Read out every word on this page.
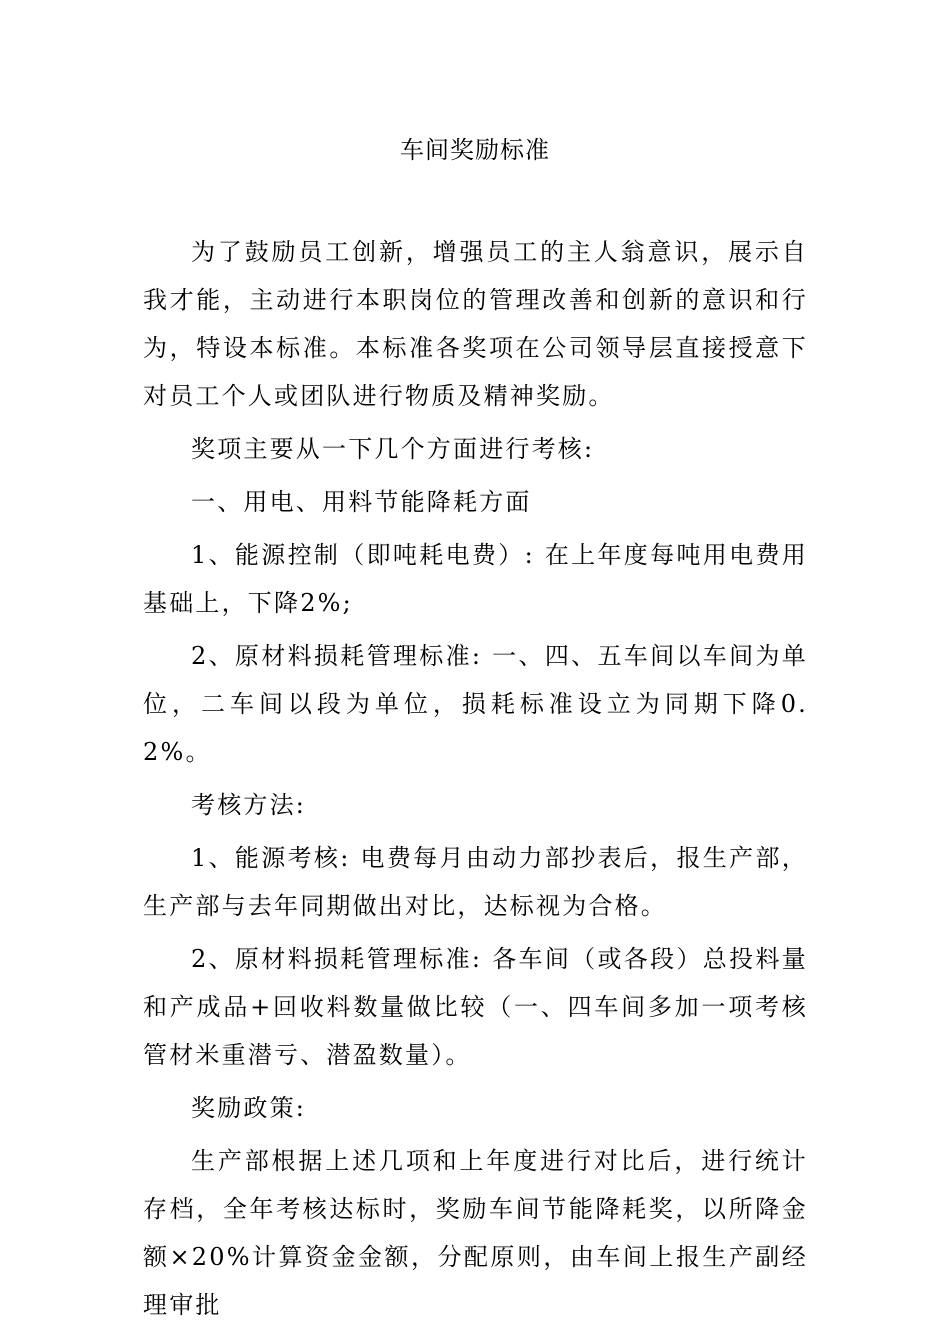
车间奖励标准

为了鼓励员工创新，增强员工的主人翁意识，展示自我才能，主动进行本职岗位的管理改善和创新的意识和行为，特设本标准。本标准各奖项在公司领导层直接授意下对员工个人或团队进行物质及精神奖励。

奖项主要从一下几个方面进行考核:

一、用电、用料节能降耗方面

1、能源控制（即吨耗电费）: 在上年度每吨用电费用基础上，下降2%;

2、原材料损耗管理标准: 一、四、五车间以车间为单位，二车间以段为单位，损耗标准设立为同期下降0.2%。

考核方法:

1、能源考核: 电费每月由动力部抄表后，报生产部，生产部与去年同期做出对比，达标视为合格。

2、原材料损耗管理标准: 各车间（或各段）总投料量和产成品+回收料数量做比较（一、四车间多加一项考核管材米重潜亏、潜盈数量）。

奖励政策:

生产部根据上述几项和上年度进行对比后，进行统计存档，全年考核达标时，奖励车间节能降耗奖，以所降金额×20%计算资金金额，分配原则，由车间上报生产副经理审批
